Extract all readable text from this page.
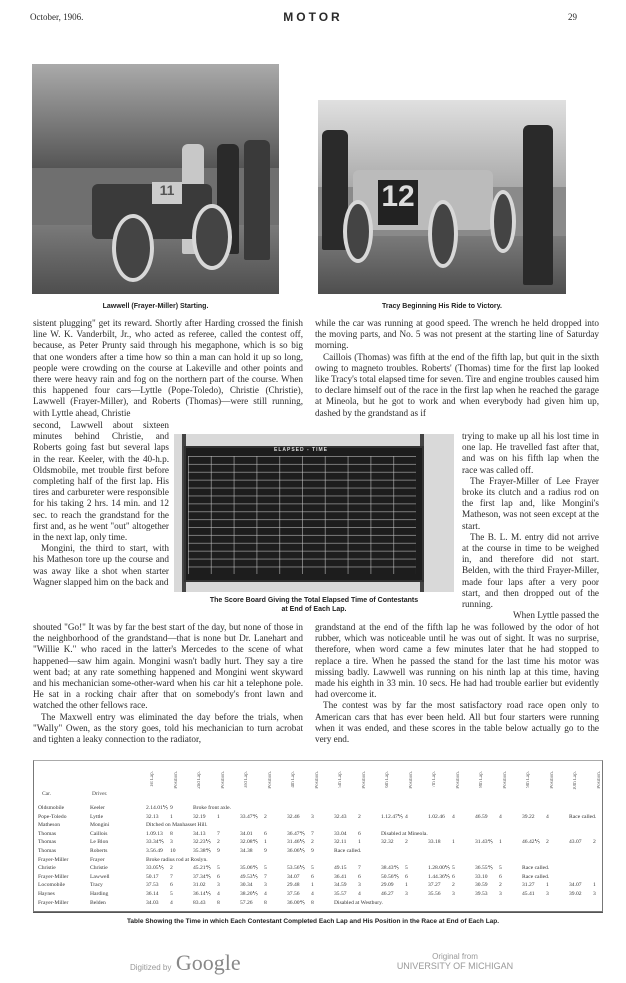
October, 1906.	MOTOR	29
11
Lawwell (Frayer-Miller) Starting.
12
Tracy Beginning His Ride to Victory.

sistent plugging" get its reward. Shortly after Harding crossed the finish line W. K. Vanderbilt, Jr., who acted as referee, called the contest off, because, as Peter Prunty said through his megaphone, which is so big that one wonders after a time how so thin a man can hold it up so long, people were crowding on the course at Lakeville and other points and there were heavy rain and fog on the northern part of the course. When this happened four cars—Lyttle (Pope-Toledo), Christie (Christie), Lawwell (Frayer-Miller), and Roberts (Thomas)—were still running, with Lyttle ahead, Christie

second, Lawwell about sixteen minutes behind Christie, and Roberts going fast but several laps in the rear. Keeler, with the 40-h.p. Oldsmobile, met trouble first before completing half of the first lap. His tires and carbureter were responsible for his taking 2 hrs. 14 min. and 12 sec. to reach the grandstand for the first and, as he went "out" altogether in the next lap, only time.

Mongini, the third to start, with his Matheson tore up the course and was away like a shot when starter Wagner slapped him on the back and

shouted "Go!" It was by far the best start of the day, but none of those in the neighborhood of the grandstand—that is none but Dr. Lanehart and "Willie K." who raced in the latter's Mercedes to the scene of what happened—saw him again. Mongini wasn't badly hurt. They say a tire went bad; at any rate something happened and Mongini went skyward and his mechanician some-other-ward when his car hit a telephone pole. He sat in a rocking chair after that on somebody's front lawn and watched the other fellows race.

The Maxwell entry was eliminated the day before the trials, when "Wally" Owen, as the story goes, told his mechanician to turn acrobat and tighten a leaky connection to the radiator,

ELAPSED - TIME
The Score Board Giving the Total Elapsed Time of Contestants
at End of Each Lap.

while the car was running at good speed. The wrench he held dropped into the moving parts, and No. 5 was not present at the starting line of Saturday morning.

Caillois (Thomas) was fifth at the end of the fifth lap, but quit in the sixth owing to magneto troubles. Roberts' (Thomas) time for the first lap looked like Tracy's total elapsed time for seven. Tire and engine troubles caused him to declare himself out of the race in the first lap when he reached the garage at Mineola, but he got to work and when everybody had given him up, dashed by the grandstand as if

trying to make up all his lost time in one lap. He travelled fast after that, and was on his fifth lap when the race was called off.

The Frayer-Miller of Lee Frayer broke its clutch and a radius rod on the first lap and, like Mongini's Matheson, was not seen except at the start.

The B. L. M. entry did not arrive at the course in time to be weighed in, and therefore did not start. Belden, with the third Frayer-Miller, made four laps after a very poor start, and then dropped out of the running.

When Lyttle passed the

grandstand at the end of the fifth lap he was followed by the odor of hot rubber, which was noticeable until he was out of sight. It was no surprise, therefore, when word came a few minutes later that he had stopped to replace a tire. When he passed the stand for the last time his motor was missing badly. Lawwell was running on his ninth lap at this time, having made his eighth in 33 min. 10 secs. He had had trouble earlier but evidently had overcome it.

The contest was by far the most satisfactory road race open only to American cars that has ever been held. All but four starters were running when it was ended, and these scores in the table below actually go to the very end.

Car.	Driver.
1st Lap.	Position.	2nd Lap.	Position.	3rd Lap.	Position.	4th Lap.	Position.	5th Lap.	Position.	6th Lap.	Position.	7th Lap.	Position.	8th Lap.	Position.	9th Lap.	Position.	10th Lap.	Position.
Oldsmobile	Keeler	2.14.01⅕ 9	Broke front axle.
Pope-Toledo	Lyttle	32.13 1	32.19 1	33.47⅘ 2	32.46 3	32.43 2	1.12.47⅕ 4	1.02.46 4	46.59 4	39.22 4	Race called.
Matheson	Mongini	Ditched on Manhasset Hill.
Thomas	Caillois	1.09.13 8	34.13 7	34.01 6	36.47⅘ 7	33.04 6	Disabled at Mineola.
Thomas	Le Blon	33.34⅘ 3	32.23⅕ 2	32.08⅘ 1	31.46⅕ 2	32.11 1	32.32 2	33.18 1	31.43⅘ 1	46.42⅕ 2	43.07 2
Thomas	Roberts	3.56.49 10	35.38⅘ 9	34.38 9	36.06⅕ 9	Race called.
Frayer-Miller	Frayer	Broke radius rod at Roslyn.
Christie	Christie	33.05⅕ 2	45.21⅘ 5	35.06⅘ 5	53.56⅕ 5	49.15 7	38.43⅘ 5	1.28.00⅕ 5	36.55⅘ 5	Race called.
Frayer-Miller	Lawwell	50.17 7	37.34⅘ 6	49.53⅕ 7	34.07 6	36.41 6	50.56⅘ 6	1.44.36⅕ 6	33.10 6	Race called.
Locomobile	Tracy	37.53 6	31.02 3	30.34 3	29.48 1	34.59 3	29.09 1	37.27 2	30.59 2	31.27 1	34.07 1
Haynes	Harding	36.14 5	36.14⅕ 4	38.20⅕ 4	37.56 4	35.57 4	46.27 3	35.56 3	39.53 3	45.41 3	39.02 3
Frayer-Miller	Belden	34.03 4	83.43 8	57.26 8	36.00⅘ 8	Disabled at Westbury.
Table Showing the Time in which Each Contestant Completed Each Lap and His Position in the Race at End of Each Lap.
Digitized by Google	Original from
UNIVERSITY OF MICHIGAN
